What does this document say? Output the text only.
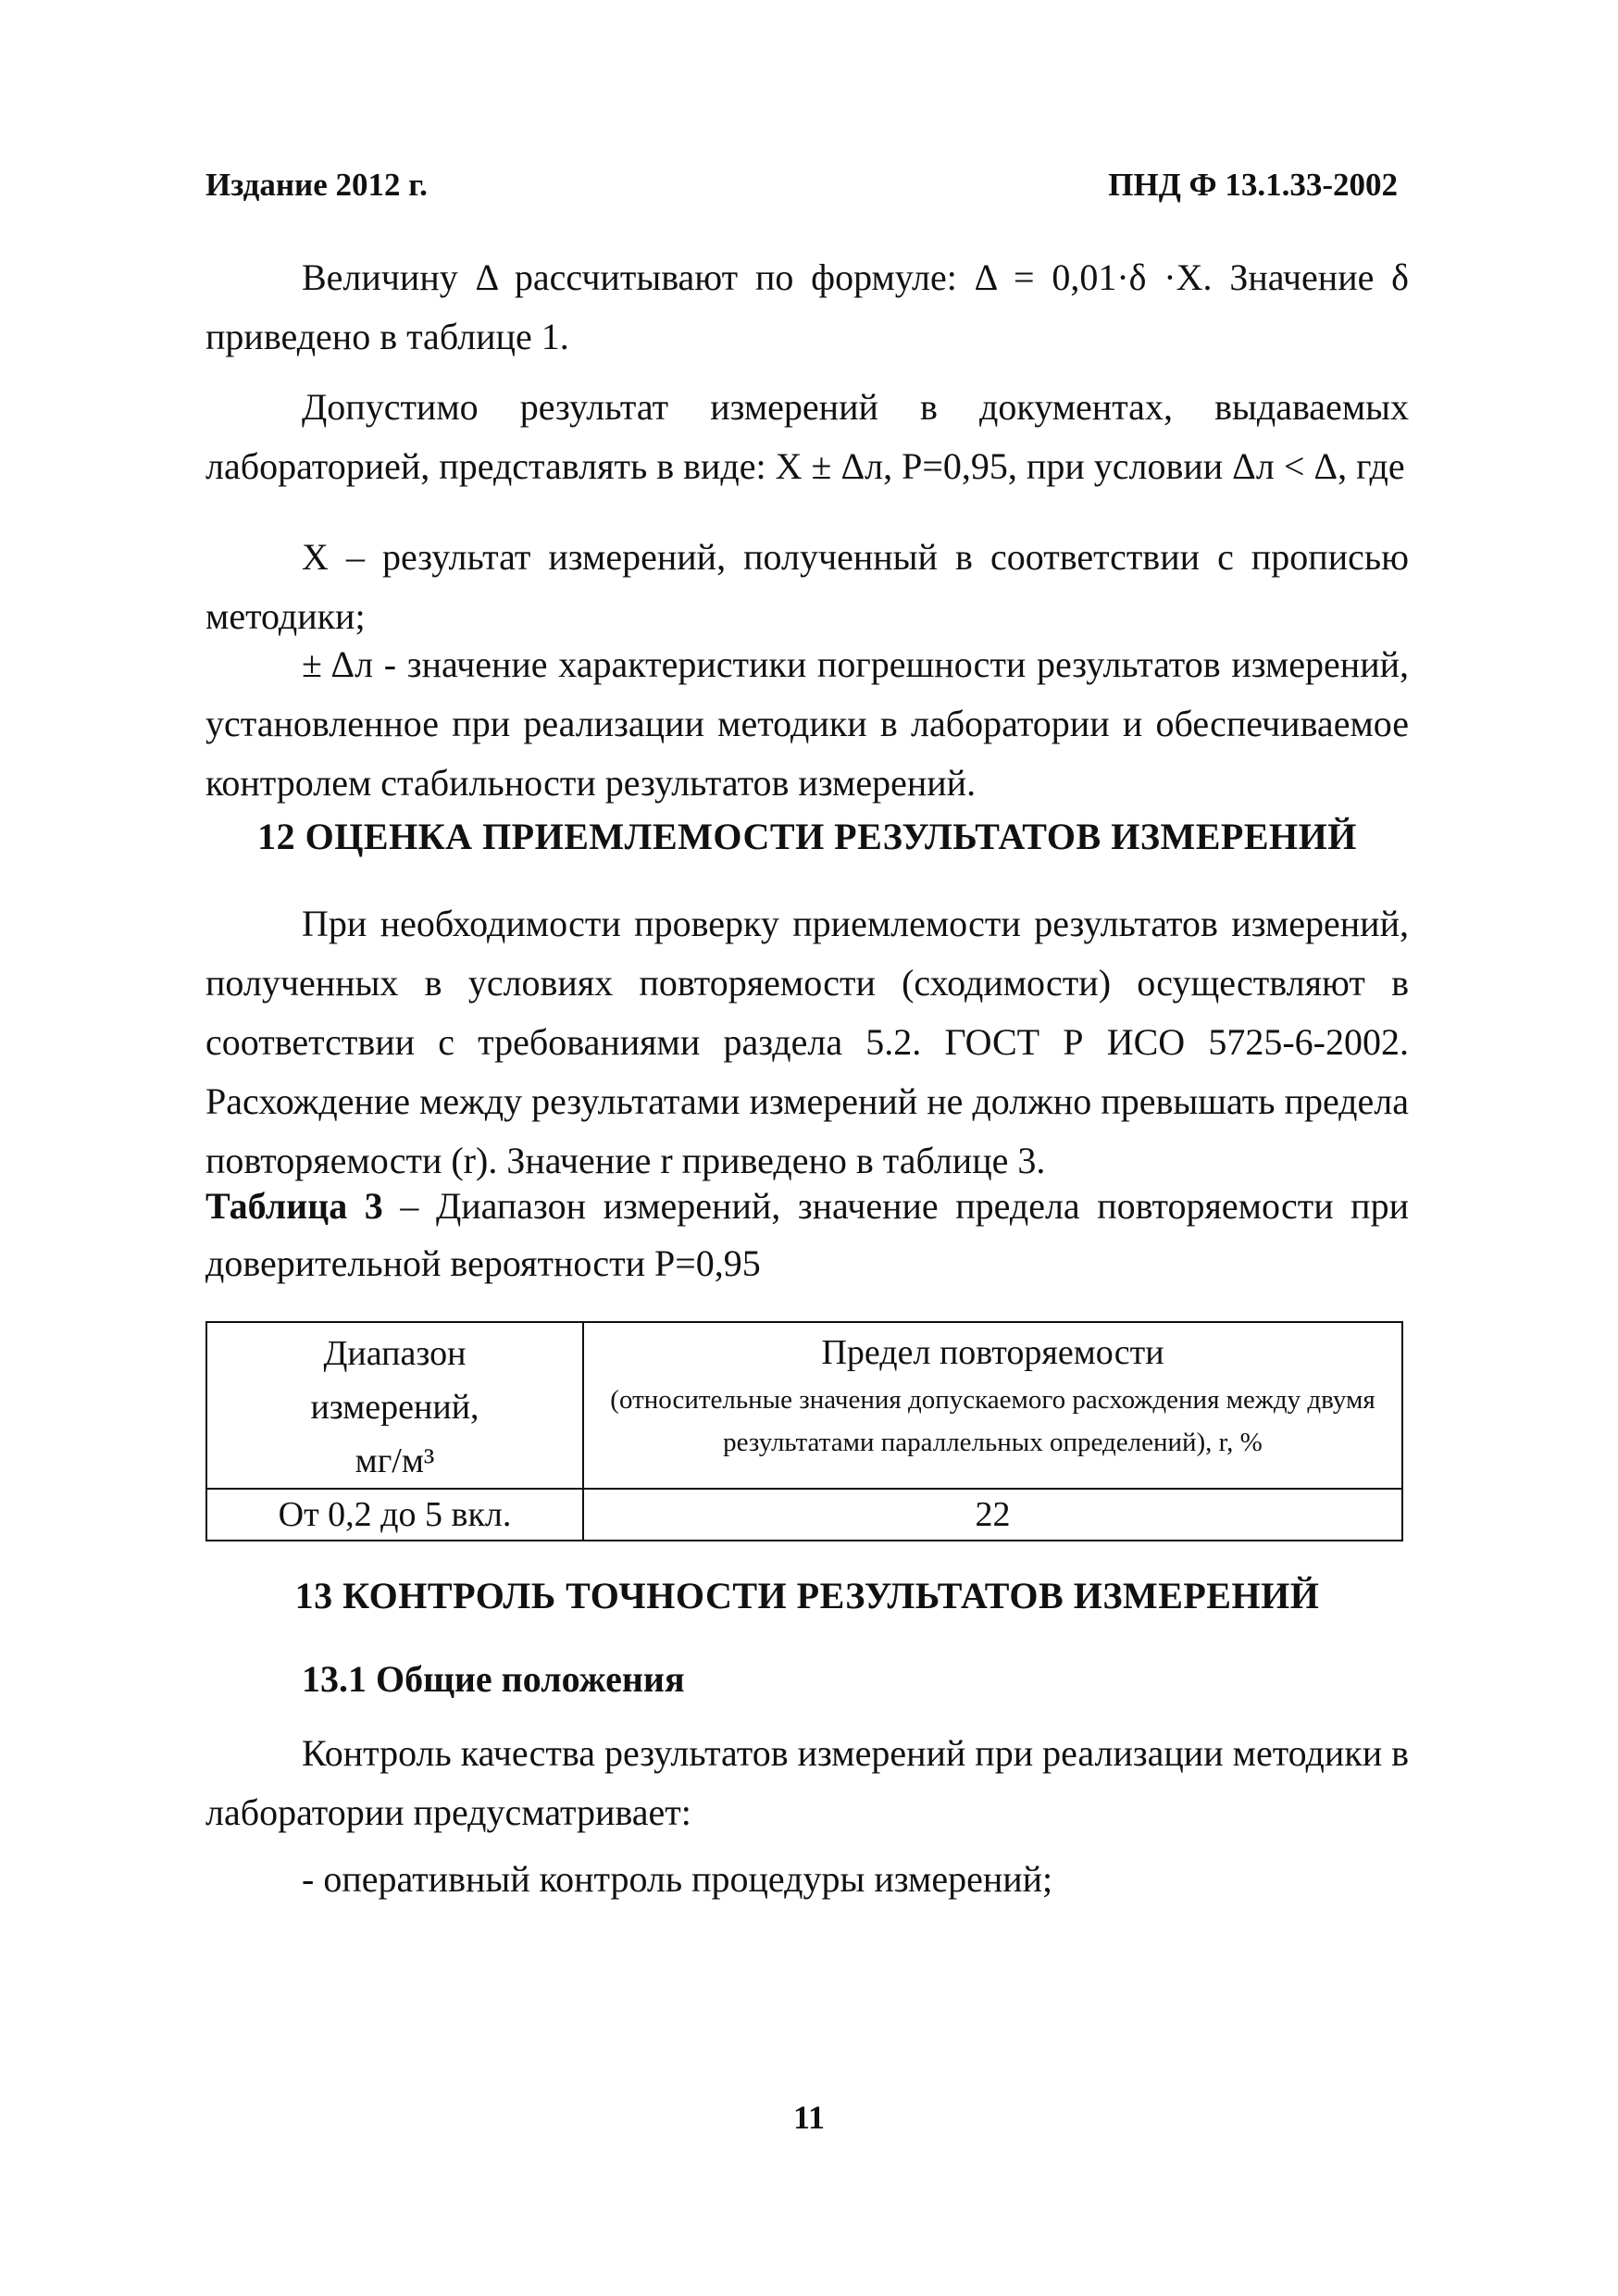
Издание 2012 г.	ПНД Ф 13.1.33-2002
Величину Δ рассчитывают по формуле: Δ = 0,01·δ ·X. Значение δ приведено в таблице 1.
Допустимо результат измерений в документах, выдаваемых лабораторией, представлять в виде: X ± Δл, P=0,95, при условии Δл < Δ, где
X – результат измерений, полученный в соответствии с прописью методики;
± Δл - значение характеристики погрешности результатов измерений, установленное при реализации методики в лаборатории и обеспечиваемое контролем стабильности результатов измерений.
12 ОЦЕНКА ПРИЕМЛЕМОСТИ РЕЗУЛЬТАТОВ ИЗМЕРЕНИЙ
При необходимости проверку приемлемости результатов измерений, полученных в условиях повторяемости (сходимости) осуществляют в соответствии с требованиями раздела 5.2. ГОСТ Р ИСО 5725-6-2002. Расхождение между результатами измерений не должно превышать предела повторяемости (r). Значение r приведено в таблице 3.
Таблица 3 – Диапазон измерений, значение предела повторяемости при доверительной вероятности P=0,95
Диапазон измерений, мг/м³	Предел повторяемости
(относительные значения допускаемого расхождения между двумя результатами параллельных определений), r, %

От 0,2 до 5 вкл.	22
13 КОНТРОЛЬ ТОЧНОСТИ РЕЗУЛЬТАТОВ ИЗМЕРЕНИЙ
13.1 Общие положения
Контроль качества результатов измерений при реализации методики в лаборатории предусматривает:
- оперативный контроль процедуры измерений;
11
